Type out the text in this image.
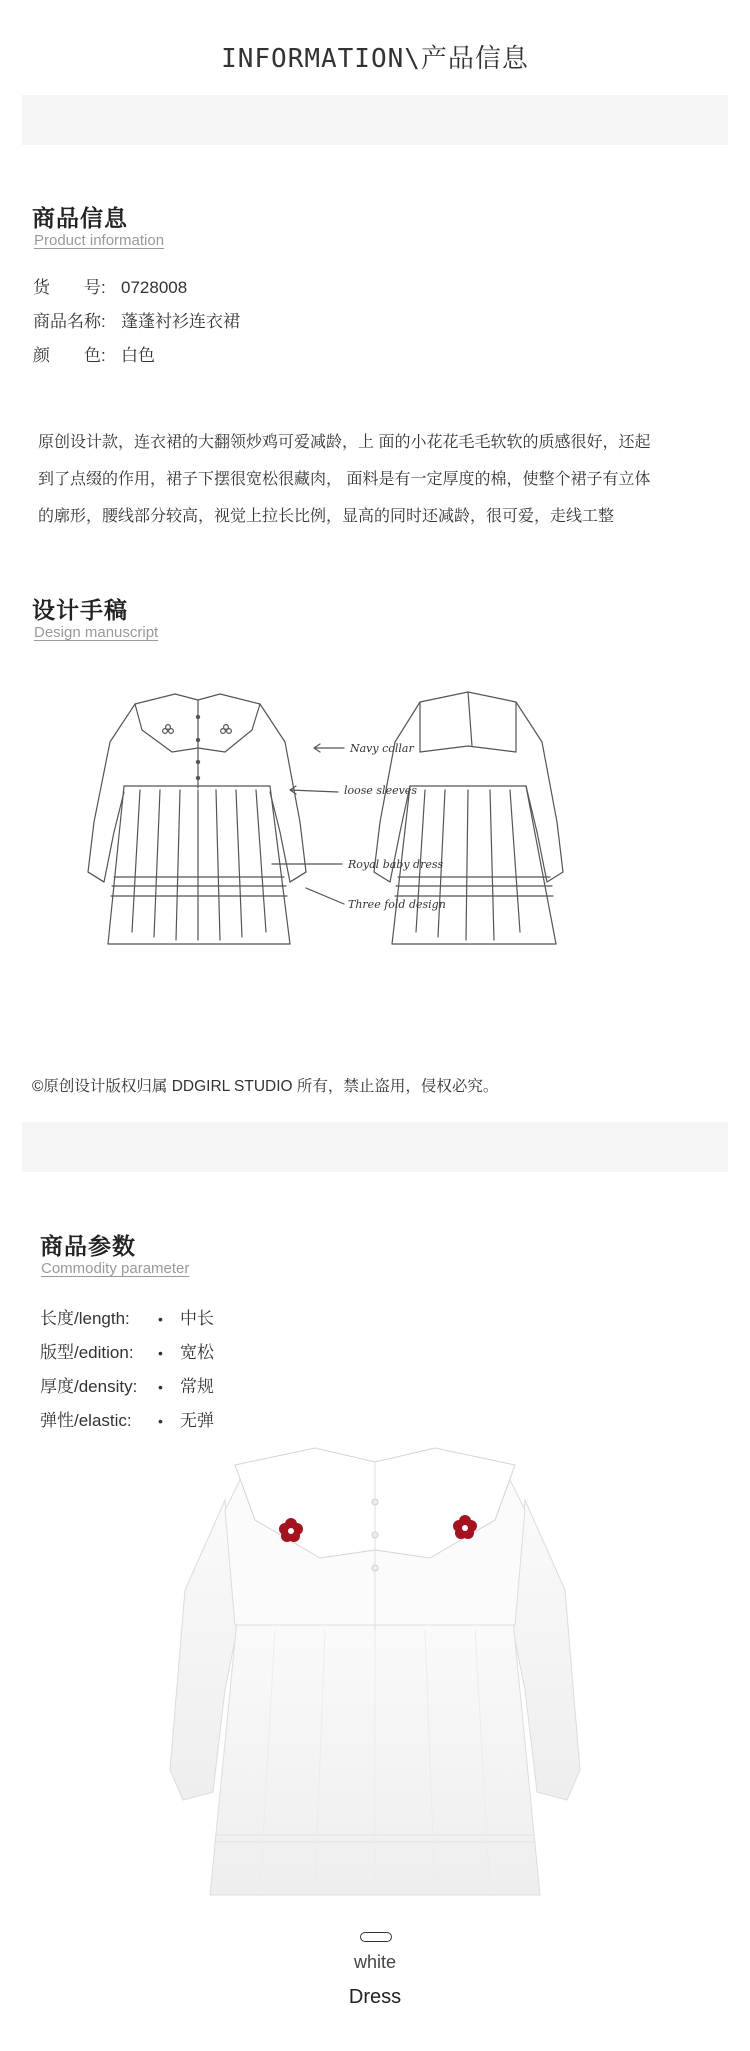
INFORMATION\产品信息
商品信息
Product information
货　　号: 0728008
商品名称: 蓬蓬衬衫连衣裙
颜　　色: 白色
原创设计款，连衣裙的大翻领炒鸡可爱减龄，上 面的小花花毛毛软软的质感很好，还起
到了点缀的作用，裙子下摆很宽松很藏肉， 面料是有一定厚度的棉，使整个裙子有立体
的廓形，腰线部分较高，视觉上拉长比例，显高的同时还减龄，很可爱，走线工整
设计手稿
Design manuscript
Navy collar
loose sleeves
Royal baby dress
Three fold design
©原创设计版权归属 DDGIRL STUDIO 所有，禁止盗用，侵权必究。
商品参数
Commodity parameter
长度/length: • 中长
版型/edition: • 宽松
厚度/density: • 常规
弹性/elastic: • 无弹
white
Dress
